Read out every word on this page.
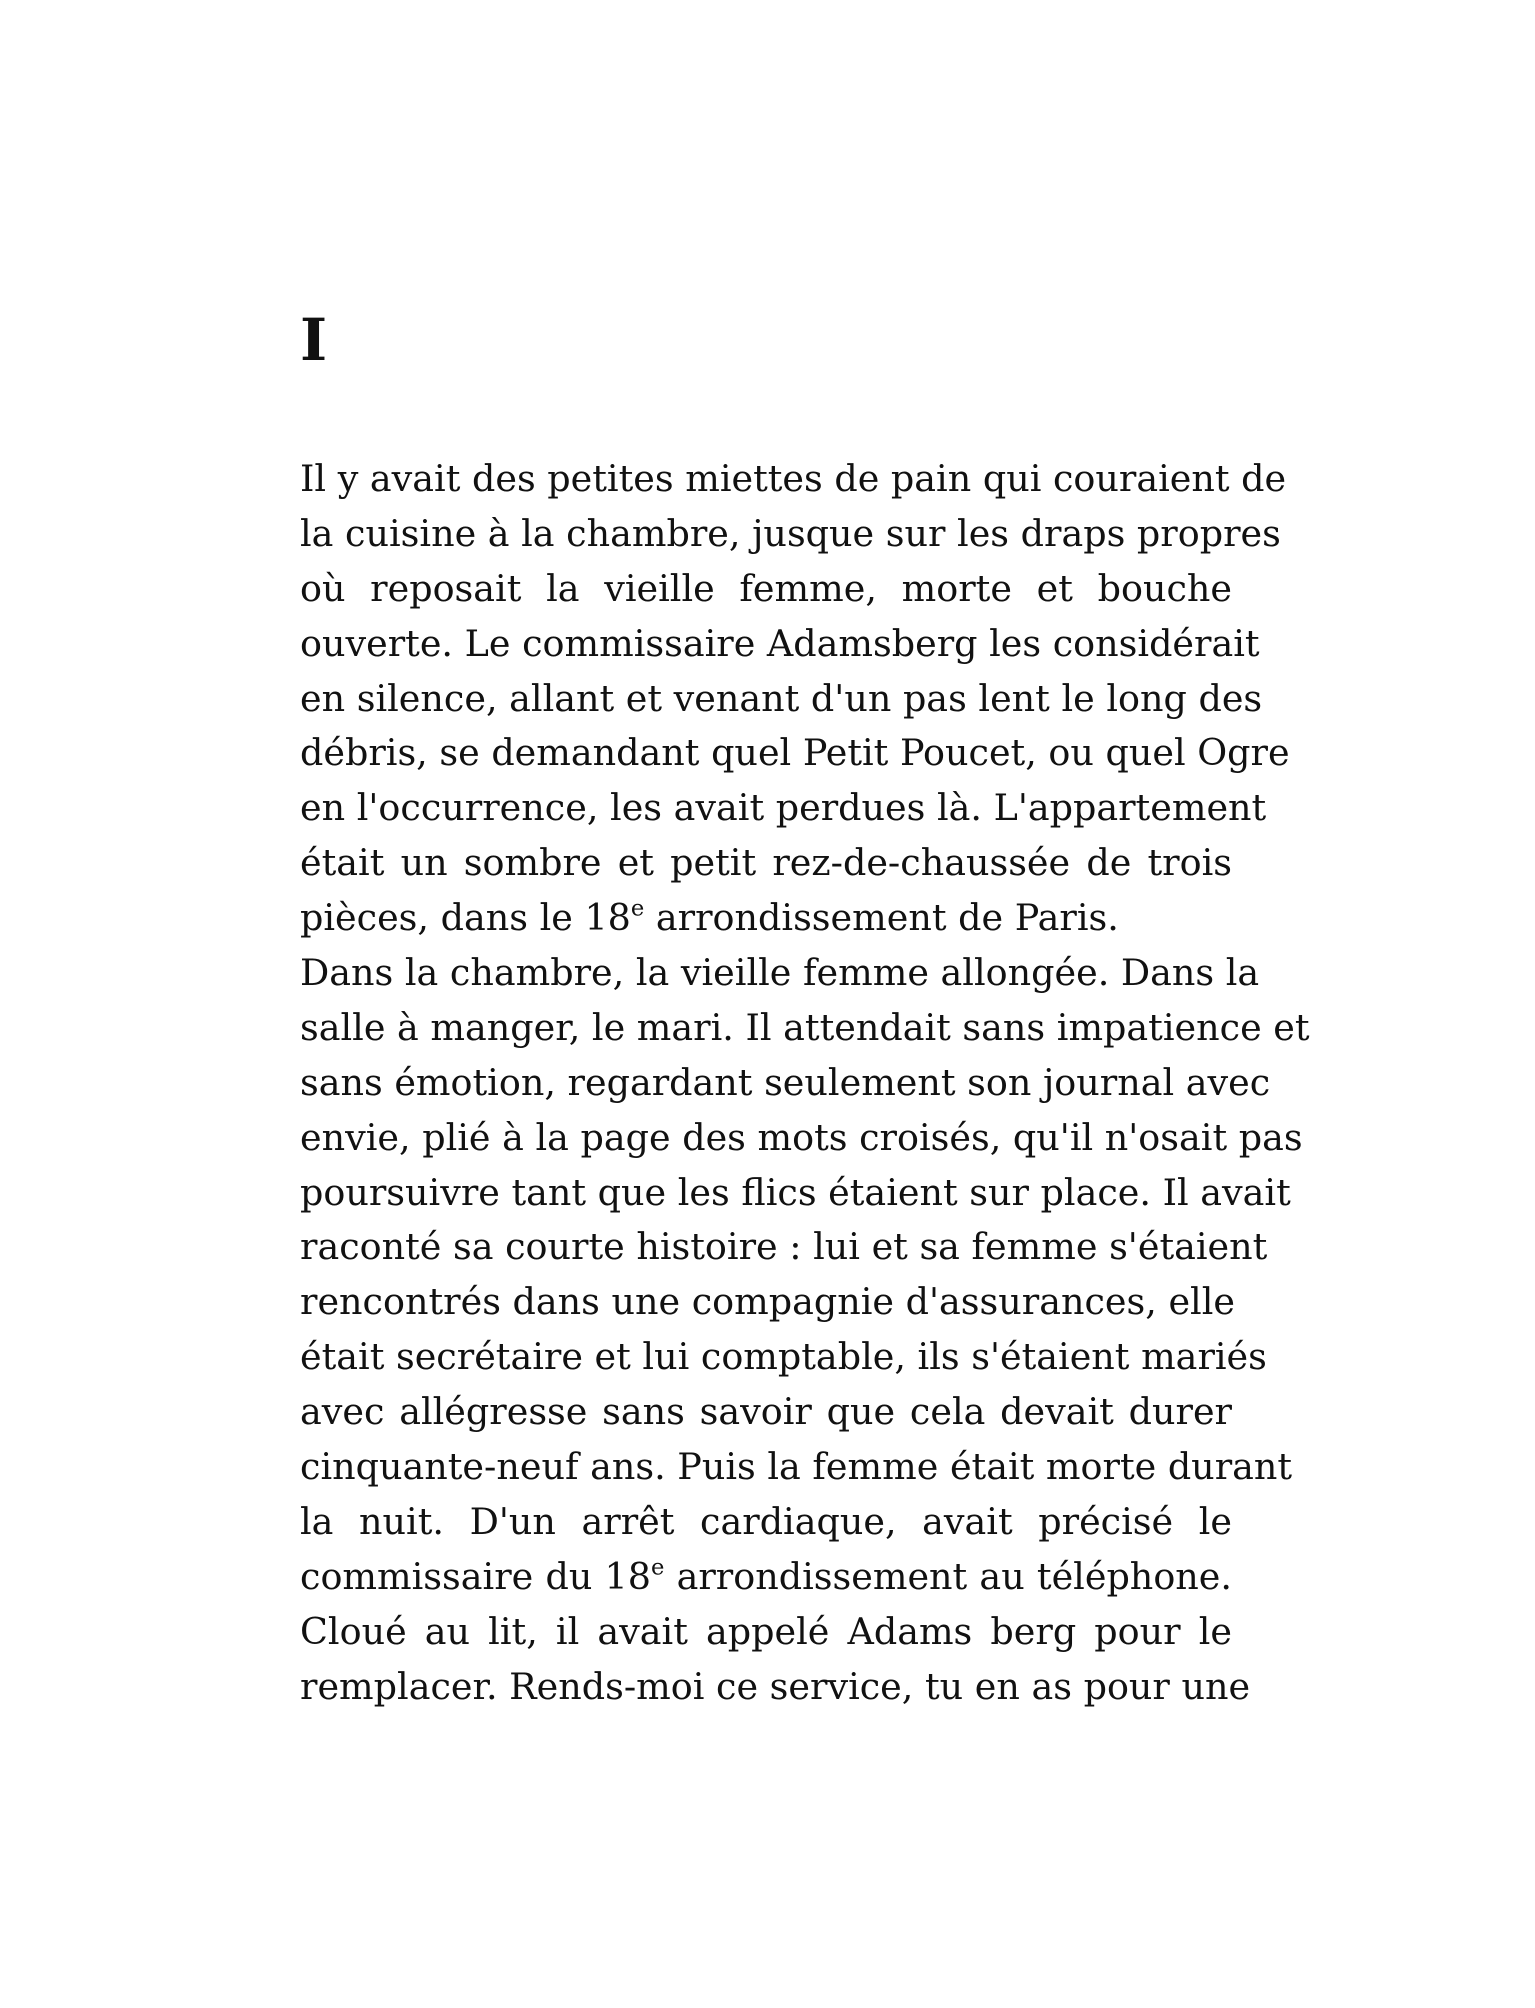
I
Il y avait des petites miettes de pain qui couraient de
la cuisine à la chambre, jusque sur les draps propres
où reposait la vieille femme, morte et bouche
ouverte. Le commissaire Adamsberg les considérait
en silence, allant et venant d'un pas lent le long des
débris, se demandant quel Petit Poucet, ou quel Ogre
en l'occurrence, les avait perdues là. L'appartement
était un sombre et petit rez-de-chaussée de trois
pièces, dans le 18e arrondissement de Paris.
Dans la chambre, la vieille femme allongée. Dans la
salle à manger, le mari. Il attendait sans impatience et
sans émotion, regardant seulement son journal avec
envie, plié à la page des mots croisés, qu'il n'osait pas
poursuivre tant que les flics étaient sur place. Il avait
raconté sa courte histoire : lui et sa femme s'étaient
rencontrés dans une compagnie d'assurances, elle
était secrétaire et lui comptable, ils s'étaient mariés
avec allégresse sans savoir que cela devait durer
cinquante-neuf ans. Puis la femme était morte durant
la nuit. D'un arrêt cardiaque, avait précisé le
commissaire du 18e arrondissement au téléphone.
Cloué au lit, il avait appelé Adams berg pour le
remplacer. Rends-moi ce service, tu en as pour une
